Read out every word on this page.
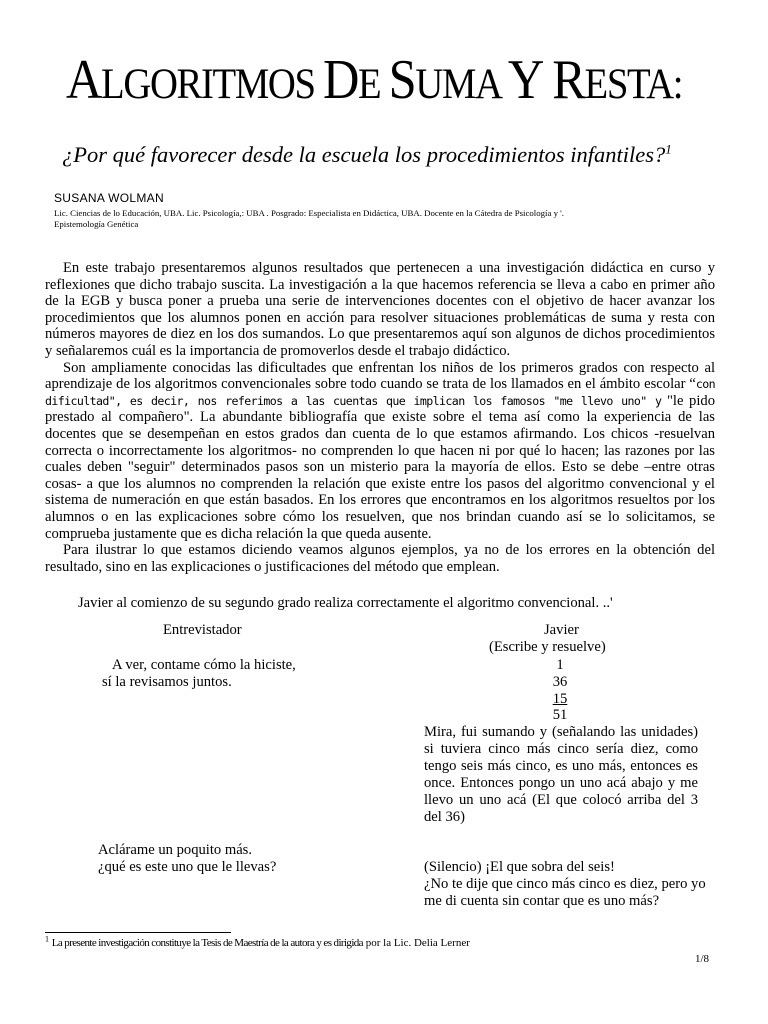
ALGORITMOS DE SUMA Y RESTA:
¿Por qué favorecer desde la escuela los procedimientos infantiles?$^1$
SUSANA WOLMAN
Lic. Ciencias de lo Educación, UBA. Lic. Psicología,: UBA . Posgrado: Especialista en Didáctica, UBA. Docente en la Cátedra de Psicología y '.
Epistemología Genética

En este trabajo presentaremos algunos resultados que pertenecen a una investigación didáctica en curso y reflexiones que dicho trabajo suscita. La investigación a la que hacemos referencia se lleva a cabo en primer año de la EGB y busca poner a prueba una serie de intervenciones docentes con el objetivo de hacer avanzar los procedimientos que los alumnos ponen en acción para resolver situaciones problemáticas de suma y resta con números mayores de diez en los dos sumandos. Lo que presentaremos aquí son algunos de dichos procedimientos y señalaremos cuál es la importancia de promoverlos desde el trabajo didáctico.

Son ampliamente conocidas las dificultades que enfrentan los niños de los primeros grados con respecto al aprendizaje de los algoritmos convencionales sobre todo cuando se trata de los llamados en el ámbito escolar “con dificultad", es decir, nos referimos a las cuentas que implican los famosos "me llevo uno" y "le pido prestado al compañero". La abundante bibliografía que existe sobre el tema así como la experiencia de las docentes que se desempeñan en estos grados dan cuenta de lo que estamos afirmando. Los chicos -resuelvan correcta o incorrectamente los algoritmos- no comprenden lo que hacen ni por qué lo hacen; las razones por las cuales deben "seguir" determinados pasos son un misterio para la mayoría de ellos. Esto se debe –entre otras cosas- a que los alumnos no comprenden la relación que existe entre los pasos del algoritmo convencional y el sistema de numeración en que están basados. En los errores que encontramos en los algoritmos resueltos por los alumnos o en las explicaciones sobre cómo los resuelven, que nos brindan cuando así se lo solicitamos, se comprueba justamente que es dicha relación la que queda ausente.

Para ilustrar lo que estamos diciendo veamos algunos ejemplos, ya no de los errores en la obtención del resultado, sino en las explicaciones o justificaciones del método que emplean.

Javier al comienzo de su segundo grado realiza correctamente el algoritmo convencional. ..'
Entrevistador	Javier
(Escribe y resuelve)
A ver, contame cómo la hiciste,
sí la revisamos juntos.
1
36
15
51
Mira, fui sumando y (señalando las unidades) si tuviera cinco más cinco sería diez, como tengo seis más cinco, es uno más, entonces es once. Entonces pongo un uno acá abajo y me llevo un uno acá (El que colocó arriba del 3 del 36)
Aclárame un poquito más.
¿qué es este uno que le llevas?	(Silencio) ¡El que sobra del seis!
¿No te dije que cinco más cinco es diez, pero yo me di cuenta sin contar que es uno más?
$^1$ La presente investigación constituye la Tesis de Maestría de la autora y es dirigida por la Lic. Delia Lerner
1/8
